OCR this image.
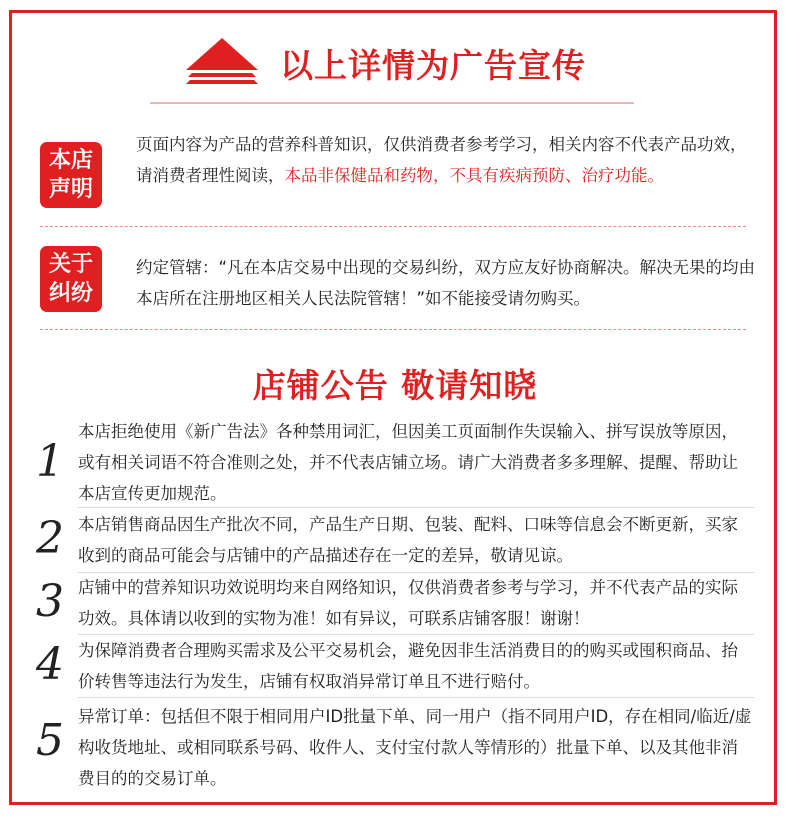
以上详情为广告宣传
本店
声明
页面内容为产品的营养科普知识，仅供消费者参考学习，相关内容不代表产品功效，请消费者理性阅读，本品非保健品和药物，不具有疾病预防、治疗功能。
关于
纠纷
约定管辖：“凡在本店交易中出现的交易纠纷，双方应友好协商解决。解决无果的均由本店所在注册地区相关人民法院管辖！”如不能接受请勿购买。
店铺公告 敬请知晓
1
本店拒绝使用《新广告法》各种禁用词汇，但因美工页面制作失误输入、拼写误放等原因，或有相关词语不符合准则之处，并不代表店铺立场。请广大消费者多多理解、提醒、帮助让本店宣传更加规范。
2 本店销售商品因生产批次不同，产品生产日期、包装、配料、口味等信息会不断更新，买家收到的商品可能会与店铺中的产品描述存在一定的差异，敬请见谅。
3 店铺中的营养知识功效说明均来自网络知识，仅供消费者参考与学习，并不代表产品的实际功效。具体请以收到的实物为准！如有异议，可联系店铺客服！谢谢！
4 为保障消费者合理购买需求及公平交易机会，避免因非生活消费目的的购买或囤积商品、抬价转售等违法行为发生，店铺有权取消异常订单且不进行赔付。
5 异常订单：包括但不限于相同用户ID批量下单、同一用户（指不同用户ID，存在相同/临近/虚构收货地址、或相同联系号码、收件人、支付宝付款人等情形的）批量下单、以及其他非消费目的的交易订单。
